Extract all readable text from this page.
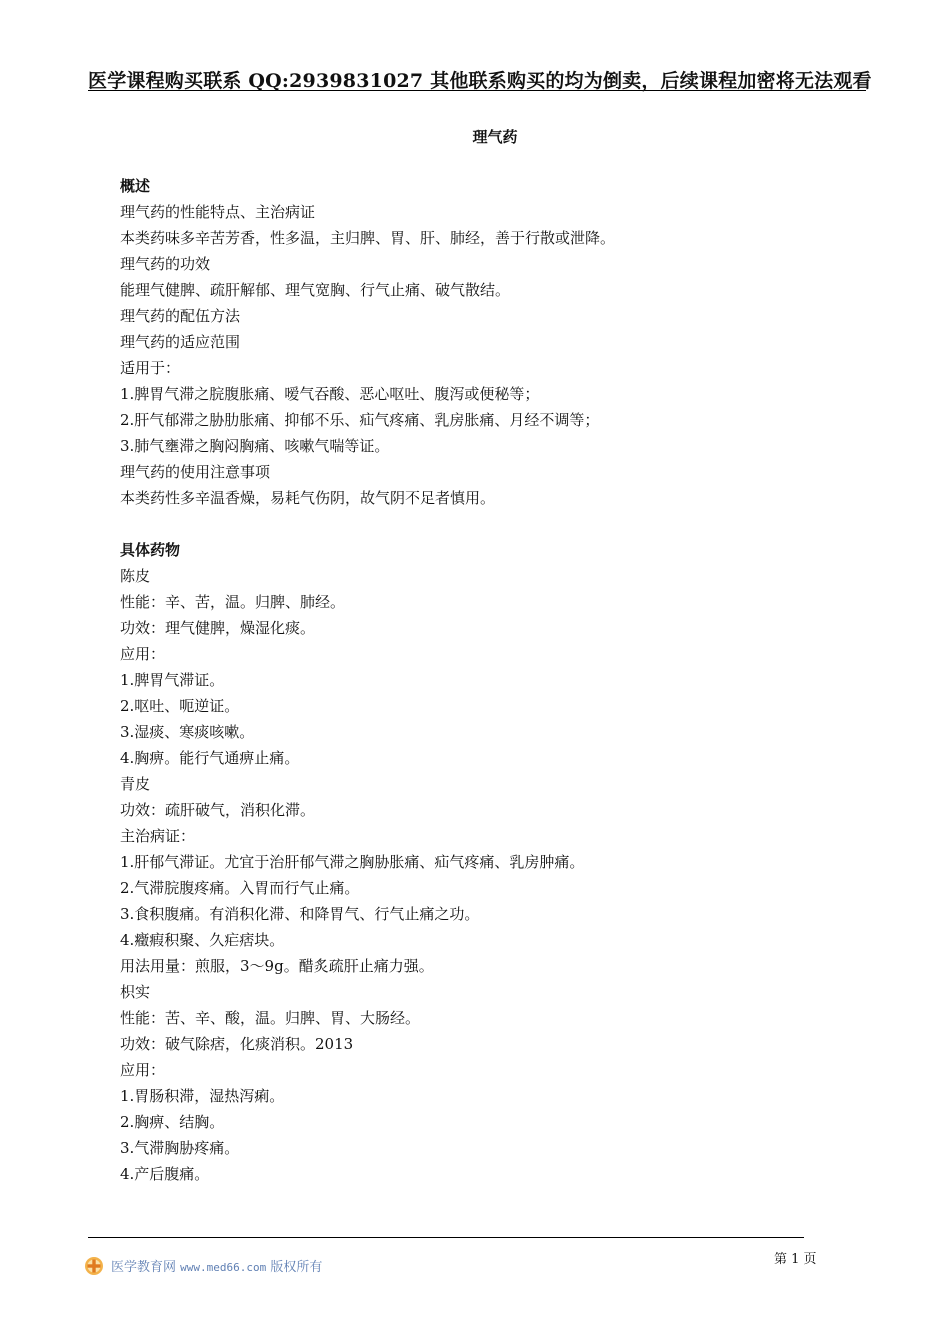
医学课程购买联系 QQ:2939831027 其他联系购买的均为倒卖，后续课程加密将无法观看
理气药
概述
理气药的性能特点、主治病证
本类药味多辛苦芳香，性多温，主归脾、胃、肝、肺经，善于行散或泄降。
理气药的功效
能理气健脾、疏肝解郁、理气宽胸、行气止痛、破气散结。
理气药的配伍方法
理气药的适应范围
适用于：
1.脾胃气滞之脘腹胀痛、嗳气吞酸、恶心呕吐、腹泻或便秘等；
2.肝气郁滞之胁肋胀痛、抑郁不乐、疝气疼痛、乳房胀痛、月经不调等；
3.肺气壅滞之胸闷胸痛、咳嗽气喘等证。
理气药的使用注意事项
本类药性多辛温香燥，易耗气伤阴，故气阴不足者慎用。
具体药物
陈皮
性能：辛、苦，温。归脾、肺经。
功效：理气健脾，燥湿化痰。
应用：
1.脾胃气滞证。
2.呕吐、呃逆证。
3.湿痰、寒痰咳嗽。
4.胸痹。能行气通痹止痛。
青皮
功效：疏肝破气，消积化滞。
主治病证：
1.肝郁气滞证。尤宜于治肝郁气滞之胸胁胀痛、疝气疼痛、乳房肿痛。
2.气滞脘腹疼痛。入胃而行气止痛。
3.食积腹痛。有消积化滞、和降胃气、行气止痛之功。
4.癥瘕积聚、久疟痞块。
用法用量：煎服，3～9g。醋炙疏肝止痛力强。
枳实
性能：苦、辛、酸，温。归脾、胃、大肠经。
功效：破气除痞，化痰消积。2013
应用：
1.胃肠积滞，湿热泻痢。
2.胸痹、结胸。
3.气滞胸胁疼痛。
4.产后腹痛。
医学教育网 www.med66.com 版权所有
第 1 页
